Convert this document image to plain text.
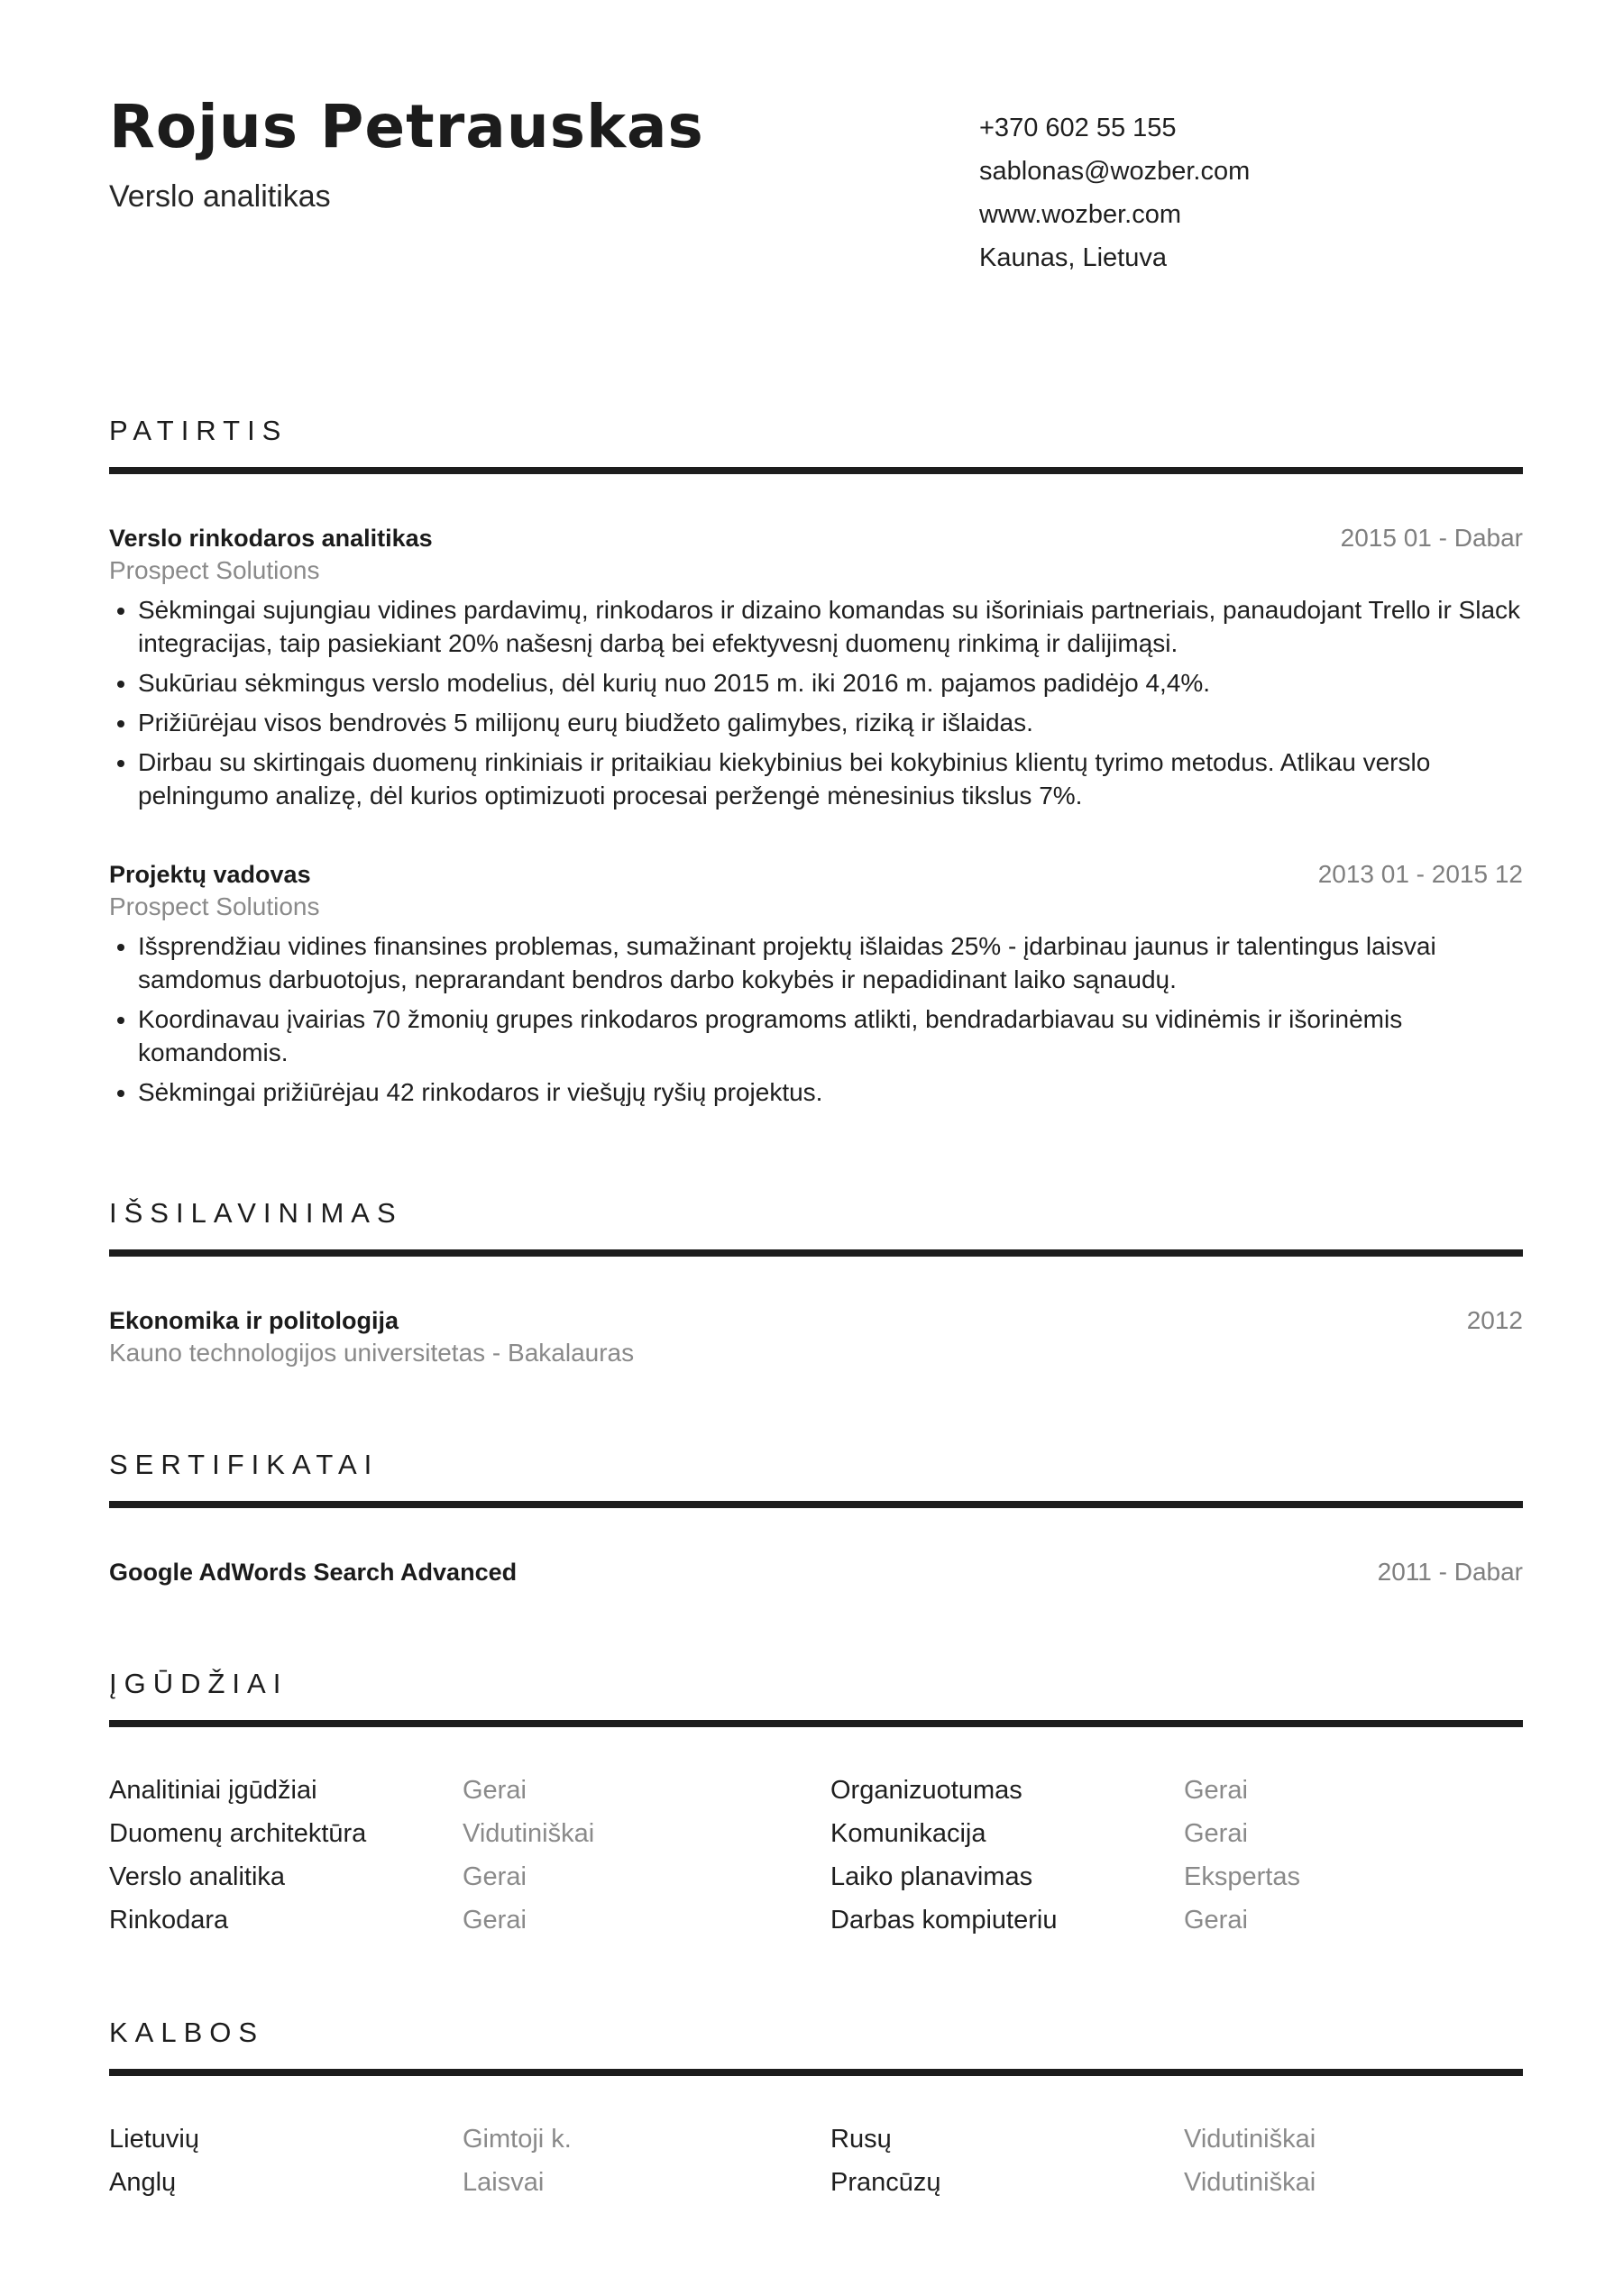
Rojus Petrauskas
Verslo analitikas
+370 602 55 155
sablonas@wozber.com
www.wozber.com
Kaunas, Lietuva
PATIRTIS
Verslo rinkodaros analitikas	2015 01 - Dabar
Prospect Solutions
• Sėkmingai sujungiau vidines pardavimų, rinkodaros ir dizaino komandas su išoriniais partneriais, panaudojant Trello ir Slack integracijas, taip pasiekiant 20% našesnį darbą bei efektyvesnį duomenų rinkimą ir dalijimąsi.
• Sukūriau sėkmingus verslo modelius, dėl kurių nuo 2015 m. iki 2016 m. pajamos padidėjo 4,4%.
• Prižiūrėjau visos bendrovės 5 milijonų eurų biudžeto galimybes, riziką ir išlaidas.
• Dirbau su skirtingais duomenų rinkiniais ir pritaikiau kiekybinius bei kokybinius klientų tyrimo metodus. Atlikau verslo pelningumo analizę, dėl kurios optimizuoti procesai peržengė mėnesinius tikslus 7%.
Projektų vadovas	2013 01 - 2015 12
Prospect Solutions
• Išsprendžiau vidines finansines problemas, sumažinant projektų išlaidas 25% - įdarbinau jaunus ir talentingus laisvai samdomus darbuotojus, neprarandant bendros darbo kokybės ir nepadidinant laiko sąnaudų.
• Koordinavau įvairias 70 žmonių grupes rinkodaros programoms atlikti, bendradarbiavau su vidinėmis ir išorinėmis komandomis.
• Sėkmingai prižiūrėjau 42 rinkodaros ir viešųjų ryšių projektus.
IŠSILAVINIMAS
Ekonomika ir politologija	2012
Kauno technologijos universitetas - Bakalauras
SERTIFIKATAI
Google AdWords Search Advanced	2011 - Dabar
ĮGŪDŽIAI
Analitiniai įgūdžiai	Gerai	Organizuotumas	Gerai
Duomenų architektūra	Vidutiniškai	Komunikacija	Gerai
Verslo analitika	Gerai	Laiko planavimas	Ekspertas
Rinkodara	Gerai	Darbas kompiuteriu	Gerai
KALBOS
Lietuvių	Gimtoji k.	Rusų	Vidutiniškai
Anglų	Laisvai	Prancūzų	Vidutiniškai
